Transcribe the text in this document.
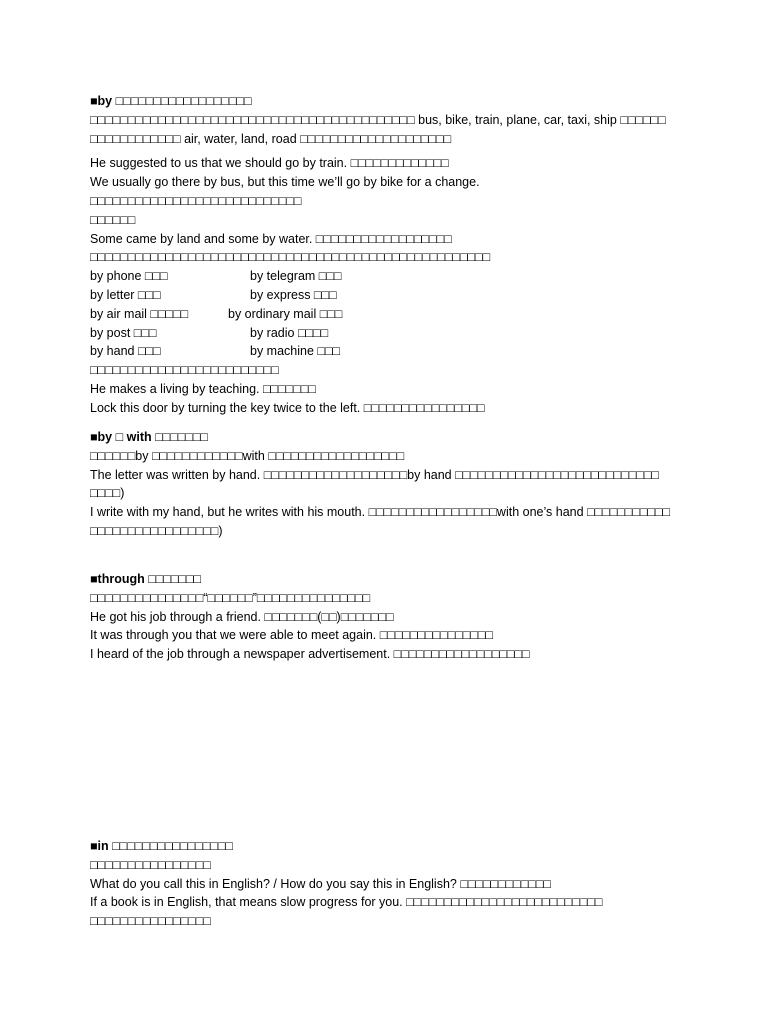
■by □□□□□□□□□□□□□□□□□□
□□□□□□□□□□□□□□□□□□□□□□□□□□□□□□□□□□□□□□□□□□□ bus, bike, train, plane, car, taxi, ship □□□□□□
□□□□□□□□□□□□ air, water, land, road □□□□□□□□□□□□□□□□□□□□
He suggested to us that we should go by train. □□□□□□□□□□□□□
We usually go there by bus, but this time we’ll go by bike for a change. □□□□□□□□□□□□□□□□□□□□□□□□□□□□
□□□□□□
Some came by land and some by water. □□□□□□□□□□□□□□□□□□
□□□□□□□□□□□□□□□□□□□□□□□□□□□□□□□□□□□□□□□□□□□□□□□□□□□□□
by phone □□□	by telegram □□□
by letter □□□	by express □□□
by air mail □□□□□	by ordinary mail □□□
by post □□□	by radio □□□□
by hand □□□	by machine □□□
□□□□□□□□□□□□□□□□□□□□□□□□□
He makes a living by teaching. □□□□□□□
Lock this door by turning the key twice to the left. □□□□□□□□□□□□□□□□
■by □ with □□□□□□□
□□□□□□by □□□□□□□□□□□□with □□□□□□□□□□□□□□□□□□
The letter was written by hand. □□□□□□□□□□□□□□□□□□□by hand □□□□□□□□□□□□□□□□□□□□□□□□□□□
□□□□)
I write with my hand, but he writes with his mouth. □□□□□□□□□□□□□□□□□with one’s hand □□□□□□□□□□□
□□□□□□□□□□□□□□□□□)
■through □□□□□□□
□□□□□□□□□□□□□□□“□□□□□□”□□□□□□□□□□□□□□□
He got his job through a friend. □□□□□□□(□□)□□□□□□□
It was through you that we were able to meet again. □□□□□□□□□□□□□□□
I heard of the job through a newspaper advertisement. □□□□□□□□□□□□□□□□□□
■in □□□□□□□□□□□□□□□□
□□□□□□□□□□□□□□□□
What do you call this in English? / How do you say this in English? □□□□□□□□□□□□
If a book is in English, that means slow progress for you. □□□□□□□□□□□□□□□□□□□□□□□□□□
□□□□□□□□□□□□□□□□
